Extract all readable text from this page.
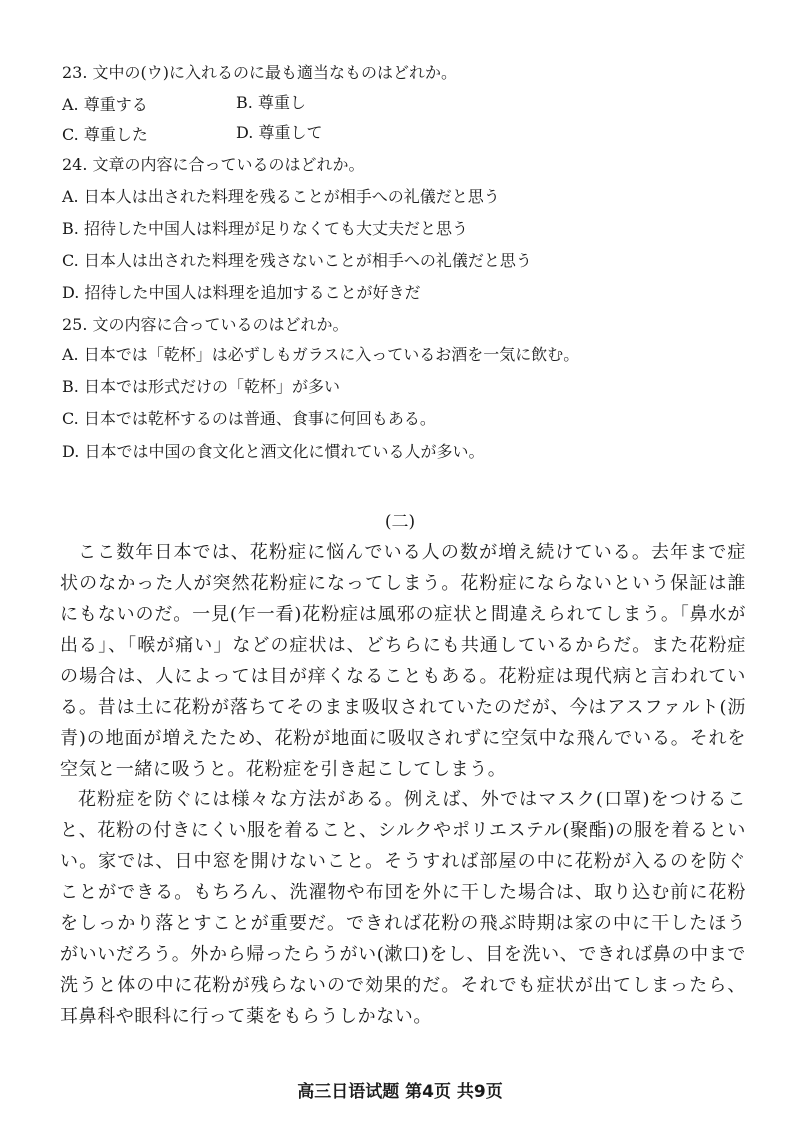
23. 文中の(ウ)に入れるのに最も適当なものはどれか。
A. 尊重する	B. 尊重し
C. 尊重した	D. 尊重して
24. 文章の内容に合っているのはどれか。
A. 日本人は出された料理を残ることが相手への礼儀だと思う
B. 招待した中国人は料理が足りなくても大丈夫だと思う
C. 日本人は出された料理を残さないことが相手への礼儀だと思う
D. 招待した中国人は料理を追加することが好きだ
25. 文の内容に合っているのはどれか。
A. 日本では「乾杯」は必ずしもガラスに入っているお酒を一気に飲む。
B. 日本では形式だけの「乾杯」が多い
C. 日本では乾杯するのは普通、食事に何回もある。
D. 日本では中国の食文化と酒文化に慣れている人が多い。
(二)

ここ数年日本では、花粉症に悩んでいる人の数が増え続けている。去年まで症状のなかった人が突然花粉症になってしまう。花粉症にならないという保証は誰にもないのだ。一見(乍一看)花粉症は風邪の症状と間違えられてしまう。「鼻水が出る」、「喉が痛い」などの症状は、どちらにも共通しているからだ。また花粉症の場合は、人によっては目が痒くなることもある。花粉症は現代病と言われている。昔は土に花粉が落ちてそのまま吸収されていたのだが、今はアスファルト(沥青)の地面が増えたため、花粉が地面に吸収されずに空気中な飛んでいる。それを空気と一緒に吸うと。花粉症を引き起こしてしまう。

花粉症を防ぐには様々な方法がある。例えば、外ではマスク(口罩)をつけること、花粉の付きにくい服を着ること、シルクやポリエステル(聚酯)の服を着るといい。家では、日中窓を開けないこと。そうすれば部屋の中に花粉が入るのを防ぐことができる。もちろん、洗濯物や布団を外に干した場合は、取り込む前に花粉をしっかり落とすことが重要だ。できれば花粉の飛ぶ時期は家の中に干したほうがいいだろう。外から帰ったらうがい(漱口)をし、目を洗い、できれば鼻の中まで洗うと体の中に花粉が残らないので効果的だ。それでも症状が出てしまったら、耳鼻科や眼科に行って薬をもらうしかない。

高三日语试题 第4页 共9页
